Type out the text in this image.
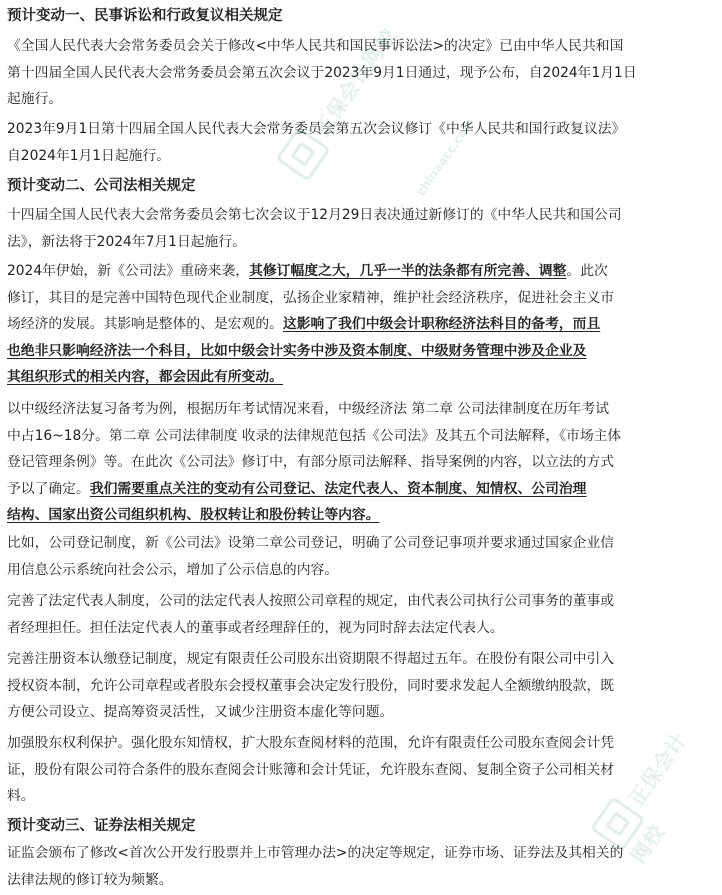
预计变动一、民事诉讼和行政复议相关规定

《全国人民代表大会常务委员会关于修改<中华人民共和国民事诉讼法>的决定》已由中华人民共和国
第十四届全国人民代表大会常务委员会第五次会议于2023年9月1日通过，现予公布，自2024年1月1日
起施行。

2023年9月1日第十四届全国人民代表大会常务委员会第五次会议修订《中华人民共和国行政复议法》
自2024年1月1日起施行。

预计变动二、公司法相关规定

十四届全国人民代表大会常务委员会第七次会议于12月29日表决通过新修订的《中华人民共和国公司
法》，新法将于2024年7月1日起施行。

2024年伊始，新《公司法》重磅来袭，其修订幅度之大，几乎一半的法条都有所完善、调整。此次
修订，其目的是完善中国特色现代企业制度，弘扬企业家精神，维护社会经济秩序，促进社会主义市
场经济的发展。其影响是整体的、是宏观的。这影响了我们中级会计职称经济法科目的备考，而且
也绝非只影响经济法一个科目，比如中级会计实务中涉及资本制度、中级财务管理中涉及企业及
其组织形式的相关内容，都会因此有所变动。

以中级经济法复习备考为例，根据历年考试情况来看，中级经济法 第二章 公司法律制度在历年考试
中占16~18分。第二章 公司法律制度 收录的法律规范包括《公司法》及其五个司法解释，《市场主体
登记管理条例》等。在此次《公司法》修订中，有部分原司法解释、指导案例的内容，以立法的方式
予以了确定。我们需要重点关注的变动有公司登记、法定代表人、资本制度、知情权、公司治理
结构、国家出资公司组织机构、股权转让和股份转让等内容。

比如，公司登记制度，新《公司法》设第二章公司登记，明确了公司登记事项并要求通过国家企业信
用信息公示系统向社会公示，增加了公示信息的内容。

完善了法定代表人制度，公司的法定代表人按照公司章程的规定，由代表公司执行公司事务的董事或
者经理担任。担任法定代表人的董事或者经理辞任的，视为同时辞去法定代表人。

完善注册资本认缴登记制度，规定有限责任公司股东出资期限不得超过五年。在股份有限公司中引入
授权资本制，允许公司章程或者股东会授权董事会决定发行股份，同时要求发起人全额缴纳股款，既
方便公司设立、提高筹资灵活性，又诚少注册资本虚化等问题。

加强股东权利保护。强化股东知情权，扩大股东查阅材料的范围，允许有限责任公司股东查阅会计凭
证，股份有限公司符合条件的股东查阅会计账簿和会计凭证，允许股东查阅、复制全资子公司相关材
料。

预计变动三、证券法相关规定

证监会颁布了修改<首次公开发行股票并上市管理办法>的决定等规定，证券市场、证券法及其相关的
法律法规的修订较为频繁。

正保会计网校
chinaacc.com
正保会计网校
